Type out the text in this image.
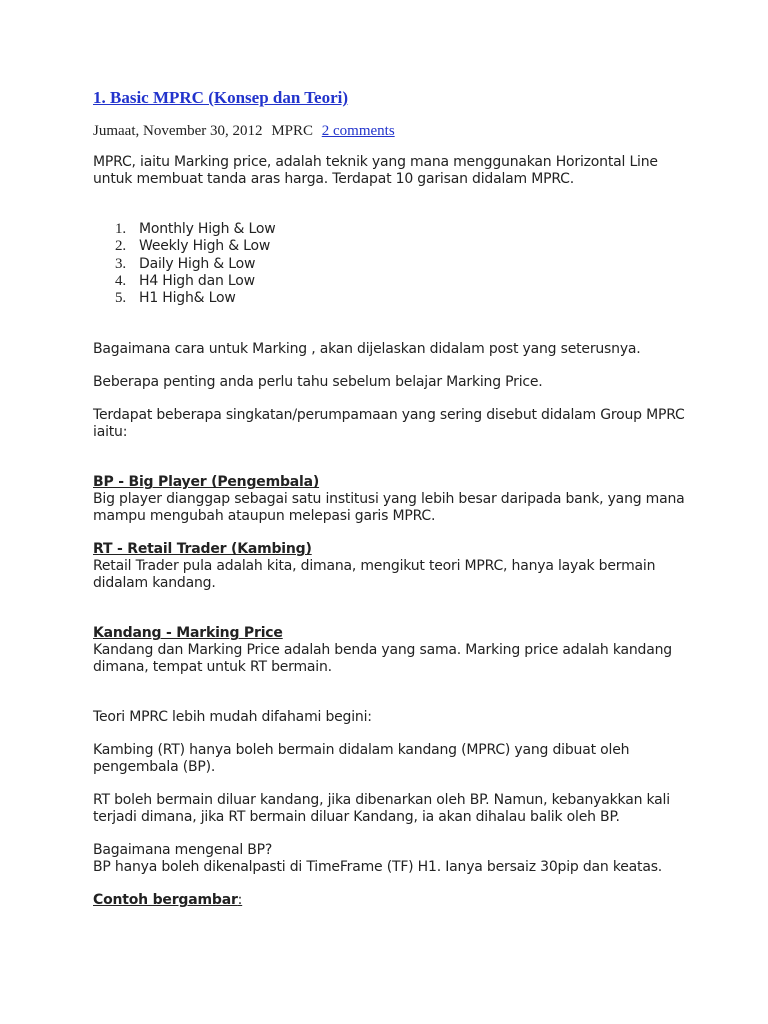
1. Basic MPRC (Konsep dan Teori)
Jumaat, November 30, 2012 MPRC 2 comments

MPRC, iaitu Marking price, adalah teknik yang mana menggunakan Horizontal Line untuk membuat tanda aras harga. Terdapat 10 garisan didalam MPRC.

Monthly High & Low
Weekly High & Low
Daily High & Low
H4 High dan Low
H1 High& Low

Bagaimana cara untuk Marking , akan dijelaskan didalam post yang seterusnya.

Beberapa penting anda perlu tahu sebelum belajar Marking Price.

Terdapat beberapa singkatan/perumpamaan yang sering disebut didalam Group MPRC iaitu:

BP - Big Player (Pengembala)
Big player dianggap sebagai satu institusi yang lebih besar daripada bank, yang mana mampu mengubah ataupun melepasi garis MPRC.
RT - Retail Trader (Kambing)
Retail Trader pula adalah kita, dimana, mengikut teori MPRC, hanya layak bermain didalam kandang.
Kandang - Marking Price
Kandang dan Marking Price adalah benda yang sama. Marking price adalah kandang dimana, tempat untuk RT bermain.

Teori MPRC lebih mudah difahami begini:

Kambing (RT) hanya boleh bermain didalam kandang (MPRC) yang dibuat oleh pengembala (BP).

RT boleh bermain diluar kandang, jika dibenarkan oleh BP. Namun, kebanyakkan kali terjadi dimana, jika RT bermain diluar Kandang, ia akan dihalau balik oleh BP.

Bagaimana mengenal BP?
BP hanya boleh dikenalpasti di TimeFrame (TF) H1. Ianya bersaiz 30pip dan keatas.

Contoh bergambar:
